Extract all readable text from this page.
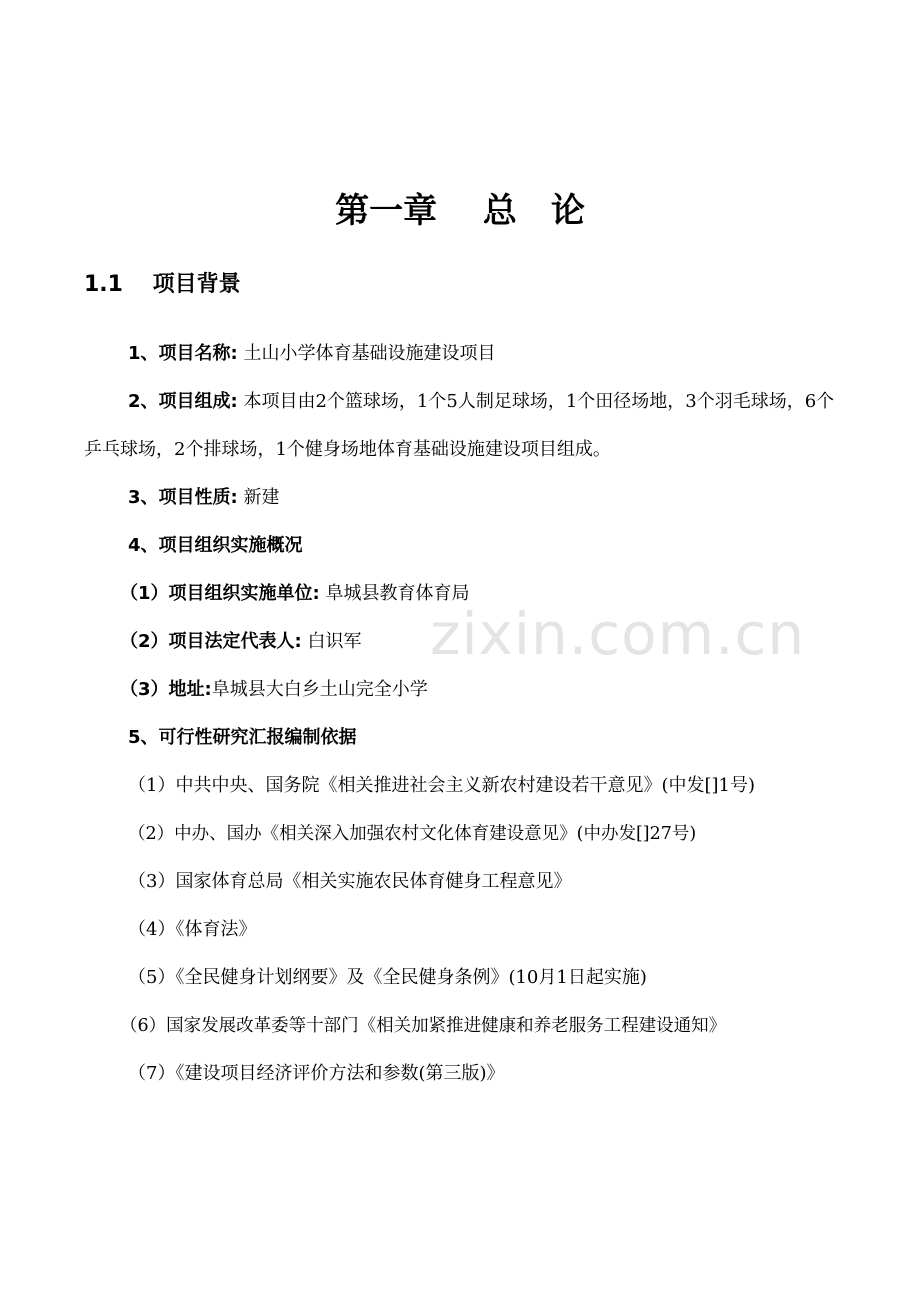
zixin.com.cn
第一章　 总　论
1.1　 项目背景

1、项目名称: 土山小学体育基础设施建设项目

2、项目组成: 本项目由2个篮球场，1个5人制足球场，1个田径场地，3个羽毛球场，6个乒乓球场，2个排球场，1个健身场地体育基础设施建设项目组成。

3、项目性质: 新建

4、项目组织实施概况

（1）项目组织实施单位: 阜城县教育体育局

（2）项目法定代表人: 白识军

（3）地址:阜城县大白乡土山完全小学

5、可行性研究汇报编制依据

（1）中共中央、国务院《相关推进社会主义新农村建设若干意见》(中发[]1号)

（2）中办、国办《相关深入加强农村文化体育建设意见》(中办发[]27号)

（3）国家体育总局《相关实施农民体育健身工程意见》

（4）《体育法》

（5）《全民健身计划纲要》及《全民健身条例》(10月1日起实施)

（6）国家发展改革委等十部门《相关加紧推进健康和养老服务工程建设通知》

（7）《建设项目经济评价方法和参数(第三版)》
